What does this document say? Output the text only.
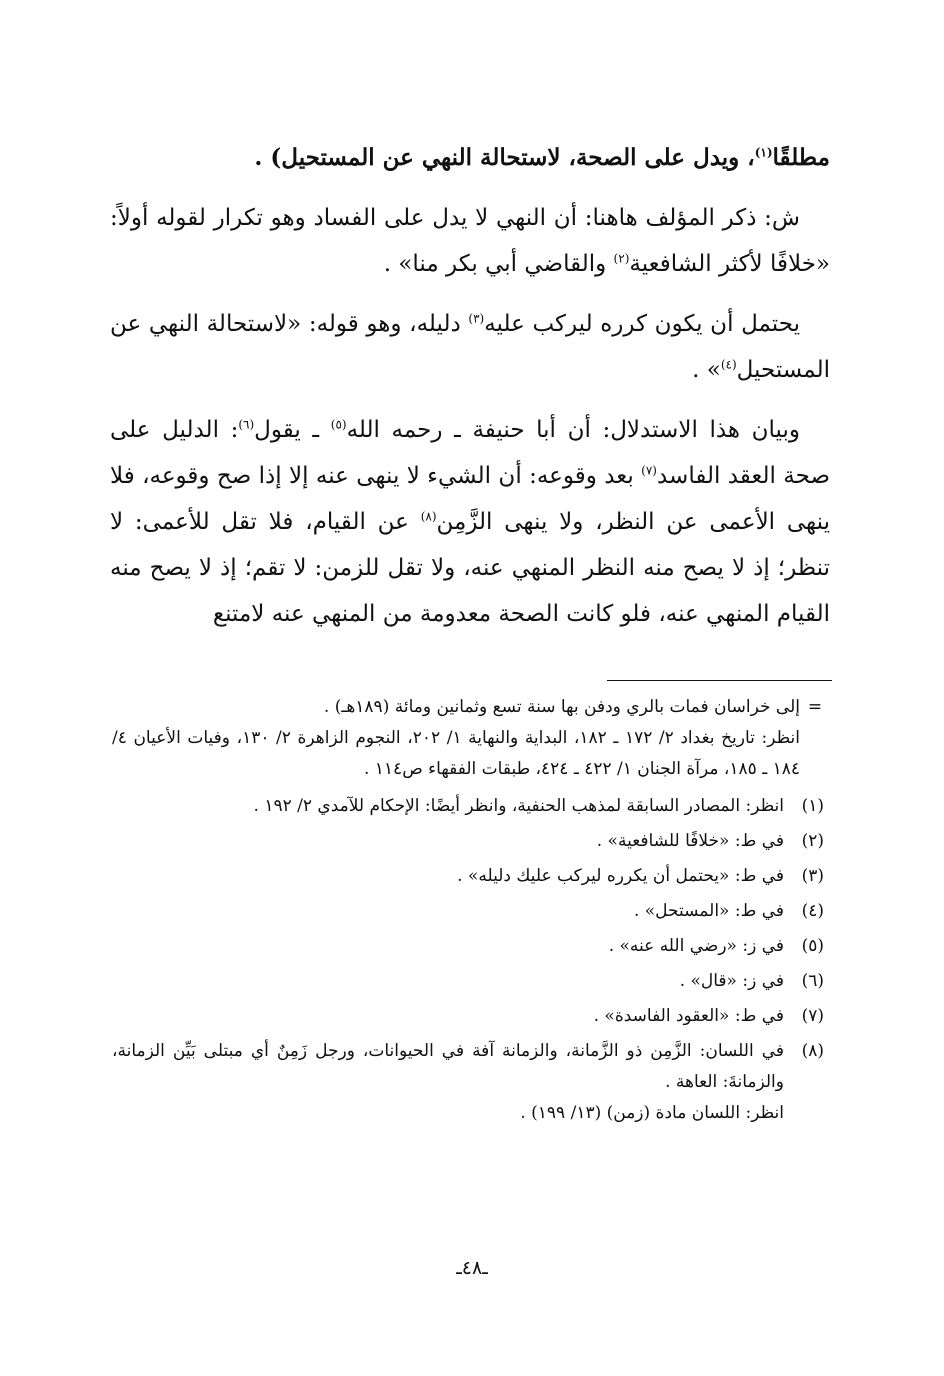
مطلقًا$^{(١)}$، ويدل على الصحة، لاستحالة النهي عن المستحيل) .

ش: ذكر المؤلف هاهنا: أن النهي لا يدل على الفساد وهو تكرار لقوله أولاً: «خلافًا لأكثر الشافعية$^{(٢)}$ والقاضي أبي بكر منا» .

يحتمل أن يكون كرره ليركب عليه$^{(٣)}$ دليله، وهو قوله: «لاستحالة النهي عن المستحيل$^{(٤)}$» .

وبيان هذا الاستدلال: أن أبا حنيفة ـ رحمه الله$^{(٥)}$ ـ يقول$^{(٦)}$: الدليل على صحة العقد الفاسد$^{(٧)}$ بعد وقوعه: أن الشيء لا ينهى عنه إلا إذا صح وقوعه، فلا ينهى الأعمى عن النظر، ولا ينهى الزَّمِن$^{(٨)}$ عن القيام، فلا تقل للأعمى: لا تنظر؛ إذ لا يصح منه النظر المنهي عنه، ولا تقل للزمن: لا تقم؛ إذ لا يصح منه القيام المنهي عنه، فلو كانت الصحة معدومة من المنهي عنه لامتنع

=
إلى خراسان فمات بالري ودفن بها سنة تسع وثمانين ومائة (١٨٩هـ) .
انظر: تاريخ بغداد ٢/ ١٧٢ ـ ١٨٢، البداية والنهاية ١/ ٢٠٢، النجوم الزاهرة ٢/ ١٣٠، وفيات الأعيان ٤/ ١٨٤ ـ ١٨٥، مرآة الجنان ١/ ٤٢٢ ـ ٤٢٤، طبقات الفقهاء ص١١٤ .
(١)
انظر: المصادر السابقة لمذهب الحنفية، وانظر أيضًا: الإحكام للآمدي ٢/ ١٩٢ .
(٢)
في ط: «خلافًا للشافعية» .
(٣)
في ط: «يحتمل أن يكرره ليركب عليك دليله» .
(٤)
في ط: «المستحل» .
(٥)
في ز: «رضي الله عنه» .
(٦)
في ز: «قال» .
(٧)
في ط: «العقود الفاسدة» .
(٨)
في اللسان: الزَّمِن ذو الزَّمانة، والزمانة آفة في الحيوانات، ورجل زَمِنٌ أي مبتلى بَيِّن الزمانة، والزمانةَ: العاهة .
انظر: اللسان مادة (زمن) (١٣/ ١٩٩) .
ـ٤٨ـ
